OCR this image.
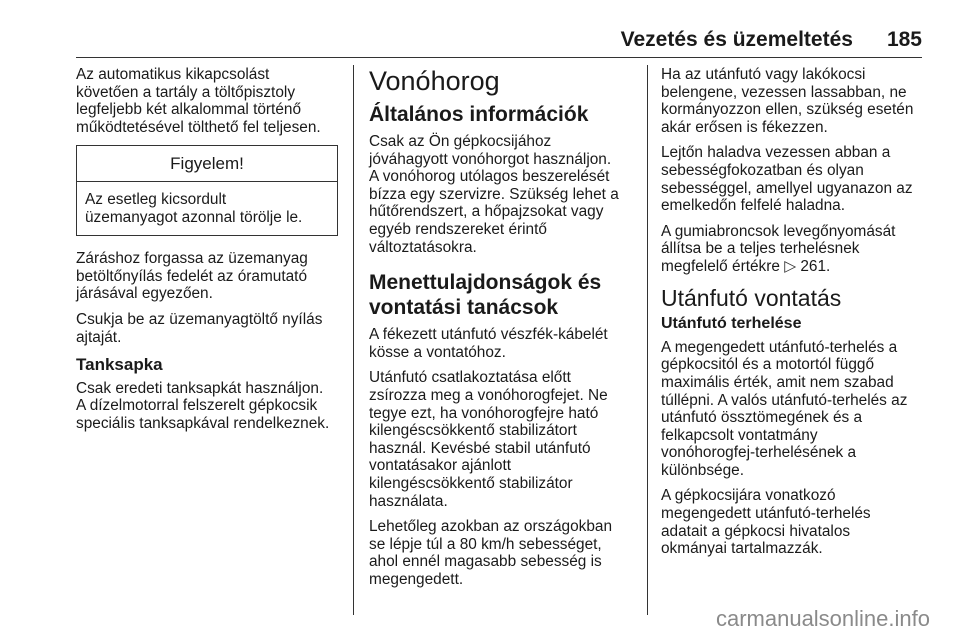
Vezetés és üzemeltetés 185

Az automatikus kikapcsolást
követően a tartály a töltőpisztoly
legfeljebb két alkalommal történő
működtetésével tölthető fel teljesen.

Figyelem!
Az esetleg kicsordult
üzemanyagot azonnal törölje le.

Záráshoz forgassa az üzemanyag
betöltőnyílás fedelét az óramutató
járásával egyezően.

Csukja be az üzemanyagtöltő nyílás
ajtaját.

Tanksapka

Csak eredeti tanksapkát használjon.
A dízelmotorral felszerelt gépkocsik
speciális tanksapkával rendelkeznek.

Vonóhorog
Általános információk

Csak az Ön gépkocsijához
jóváhagyott vonóhorgot használjon.
A vonóhorog utólagos beszerelését
bízza egy szervizre. Szükség lehet a
hűtőrendszert, a hőpajzsokat vagy
egyéb rendszereket érintő
változtatásokra.

Menettulajdonságok és
vontatási tanácsok

A fékezett utánfutó vészfék-kábelét
kösse a vontatóhoz.

Utánfutó csatlakoztatása előtt
zsírozza meg a vonóhorogfejet. Ne
tegye ezt, ha vonóhorogfejre ható
kilengéscsökkentő stabilizátort
használ. Kevésbé stabil utánfutó
vontatásakor ajánlott
kilengéscsökkentő stabilizátor
használata.

Lehetőleg azokban az országokban
se lépje túl a 80 km/h sebességet,
ahol ennél magasabb sebesség is
megengedett.

Ha az utánfutó vagy lakókocsi
belengene, vezessen lassabban, ne
kormányozzon ellen, szükség esetén
akár erősen is fékezzen.

Lejtőn haladva vezessen abban a
sebességfokozatban és olyan
sebességgel, amellyel ugyanazon az
emelkedőn felfelé haladna.

A gumiabroncsok levegőnyomását
állítsa be a teljes terhelésnek
megfelelő értékre ▷ 261.

Utánfutó vontatás
Utánfutó terhelése

A megengedett utánfutó-terhelés a
gépkocsitól és a motortól függő
maximális érték, amit nem szabad
túllépni. A valós utánfutó-terhelés az
utánfutó össztömegének és a
felkapcsolt vontatmány
vonóhorogfej-terhelésének a
különbsége.

A gépkocsijára vonatkozó
megengedett utánfutó-terhelés
adatait a gépkocsi hivatalos
okmányai tartalmazzák.

carmanualsonline.info
